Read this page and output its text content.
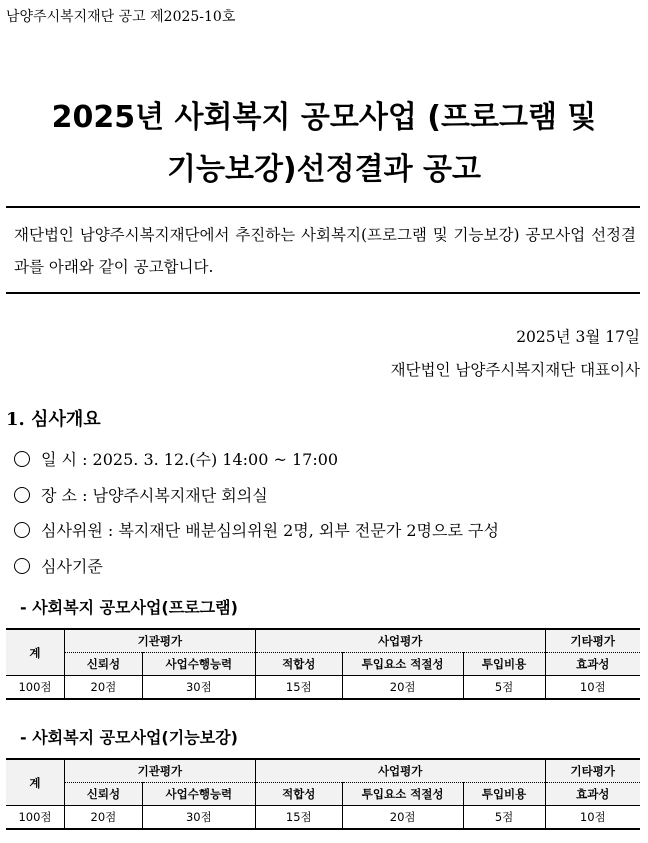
남양주시복지재단 공고 제2025-10호
2025년 사회복지 공모사업 (프로그램 및
기능보강)선정결과 공고
재단법인 남양주시복지재단에서 추진하는 사회복지(프로그램 및 기능보강) 공모사업 선정결과를 아래와 같이 공고합니다.
2025년 3월 17일
재단법인 남양주시복지재단 대표이사
1. 심사개요
일 시 : 2025. 3. 12.(수) 14:00 ~ 17:00
장 소 : 남양주시복지재단 회의실
심사위원 : 복지재단 배분심의위원 2명, 외부 전문가 2명으로 구성
심사기준
- 사회복지 공모사업(프로그램)
계	기관평가		사업평가			기타평가
	신뢰성	사업수행능력	적합성	투입요소 적절성	투입비용	효과성
100점	20점	30점	15점	20점	5점	10점
- 사회복지 공모사업(기능보강)
계	기관평가		사업평가			기타평가
	신뢰성	사업수행능력	적합성	투입요소 적절성	투입비용	효과성
100점	20점	30점	15점	20점	5점	10점
